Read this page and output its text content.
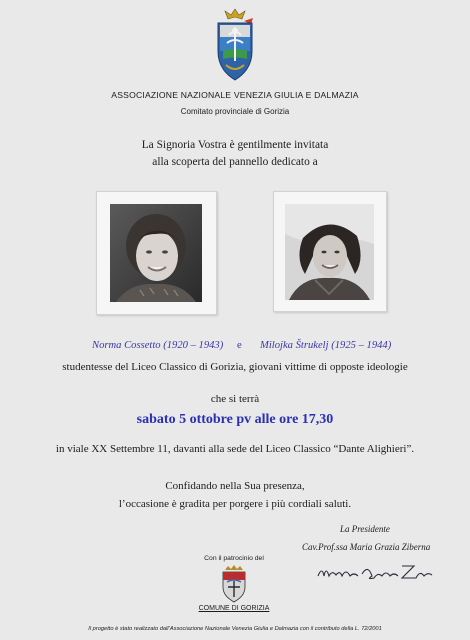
ASSOCIAZIONE NAZIONALE VENEZIA GIULIA E DALMAZIA
Comitato provinciale di Gorizia
La Signoria Vostra è gentilmente invitata
alla scoperta del pannello dedicato a
Norma Cossetto (1920 – 1943) e Milojka Štrukelj (1925 – 1944)
studentesse del Liceo Classico di Gorizia, giovani vittime di opposte ideologie
che si terrà
sabato 5 ottobre pv alle ore 17,30
in viale XX Settembre 11, davanti alla sede del Liceo Classico “Dante Alighieri”.
Confidando nella Sua presenza,
l’occasione è gradita per porgere i più cordiali saluti.
La Presidente
Cav.Prof.ssa Maria Grazia Ziberna
Con il patrocinio del
COMUNE DI GORIZIA
Il progetto è stato realizzato dall’Associazione Nazionale Venezia Giulia e Dalmazia con il contributo della L. 72/2001
